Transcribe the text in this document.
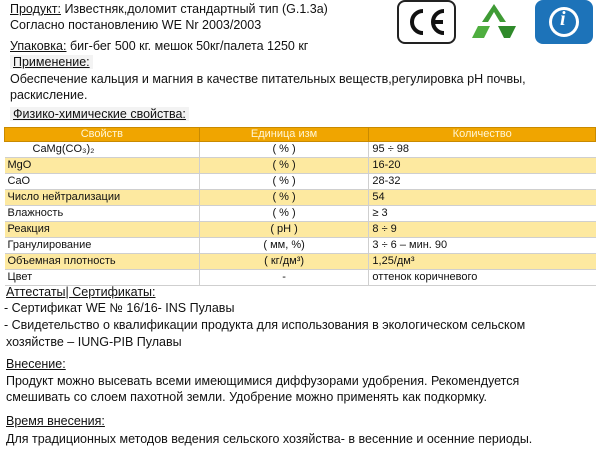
Продукт: Известняк,доломит стандартный тип (G.1.3а)
Согласно постановлению WE Nr 2003/2003
Упаковка: биг-бег 500 кг. мешок 50кг/палета 1250 кг
Применение:
Обеспечение кальция и магния в качестве питательных веществ,регулировка рН почвы,
раскисление.
Физико-химические свойства:
i
Свойств	Единица изм	Количество
CaMg(CO₃)₂	( % )	95 ÷ 98
MgO	( % )	16-20
CaO	( % )	28-32
Число нейтрализации	( % )	54
Влажность	( % )	≥ 3
Реакция	( pH )	8 ÷ 9
Гранулирование	( мм, %)	3 ÷ 6 – мин. 90
Объемная плотность	( кг/дм³)	1,25/дм³
Цвет	-	оттенок коричневого
Аттестаты| Сертификаты:
- Сертификат WE № 16/16- INS Пулавы
- Свидетельство о квалификации продукта для использования в экологическом сельском
хозяйстве – IUNG-PIB Пулавы
Внесение:
Продукт можно высевать всеми имеющимися диффузорами удобрения. Рекомендуется
смешивать со слоем пахотной земли. Удобрение можно применять как подкормку.
Время внесения:
Для традиционных методов ведения сельского хозяйства- в весенние и осенние периоды.
